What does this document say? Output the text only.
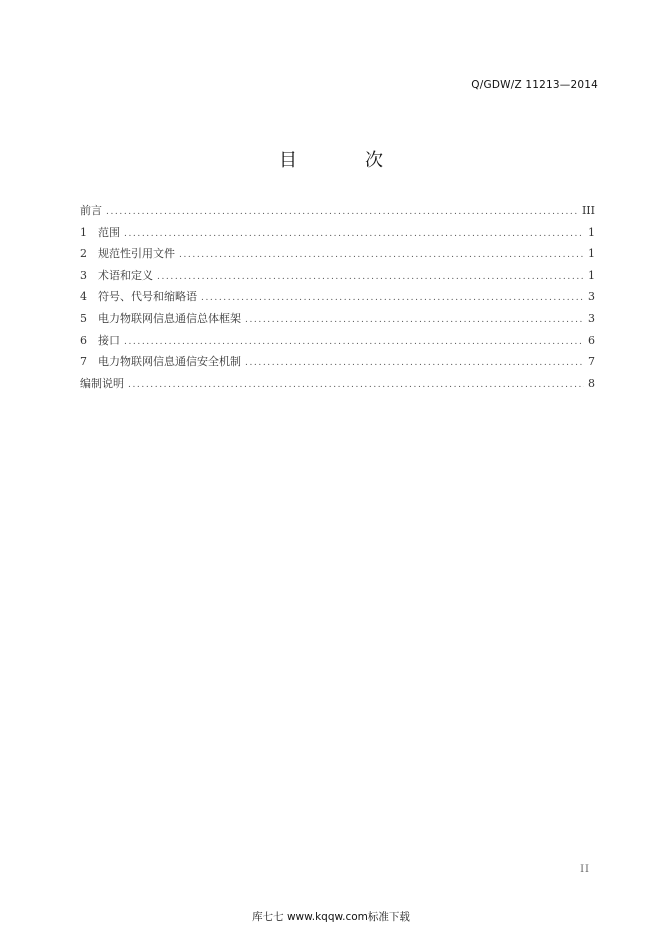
Q/GDW/Z 11213—2014
目次
前言 .....	III
1	范围 .....	1
2	规范性引用文件 .....	1
3	术语和定义 .....	1
4	符号、代号和缩略语 .....	3
5	电力物联网信息通信总体框架 .....	3
6	接口 .....	6
7	电力物联网信息通信安全机制 .....	7
编制说明 .....	8
II
库七七 www.kqqw.com标准下载
